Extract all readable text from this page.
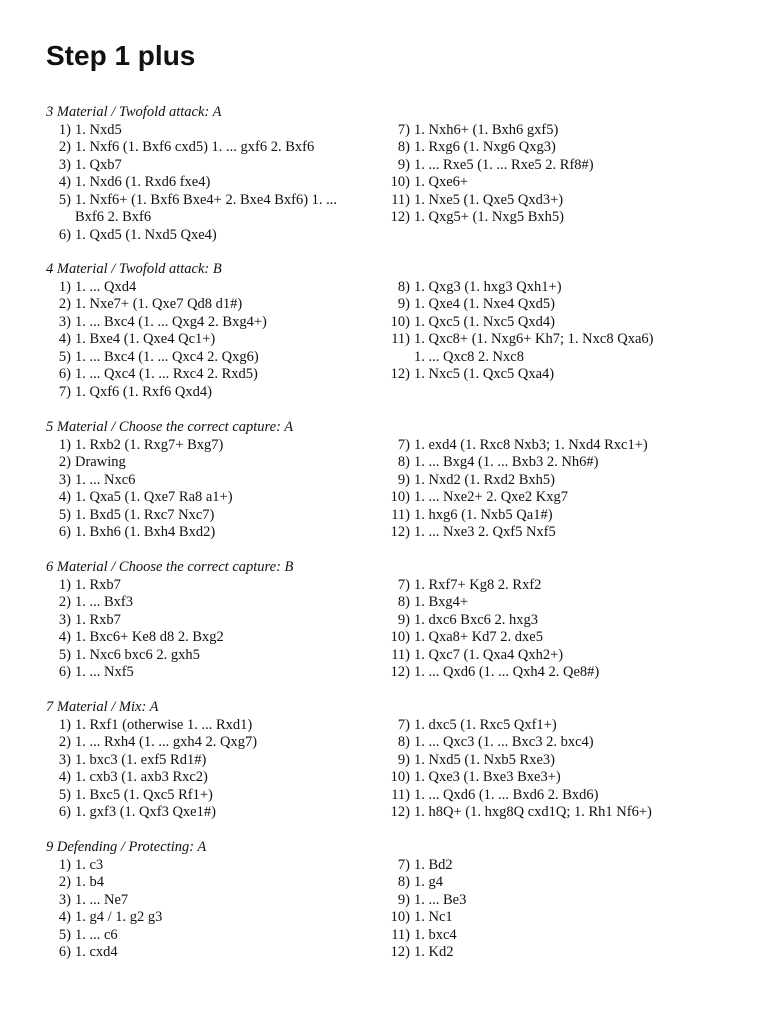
Step 1 plus
3 Material / Twofold attack: A
1) 1. Nxd5
2) 1. Nxf6 (1. Bxf6 cxd5) 1. ... gxf6 2. Bxf6
3) 1. Qxb7
4) 1. Nxd6 (1. Rxd6 fxe4)
5) 1. Nxf6+ (1. Bxf6 Bxe4+ 2. Bxe4 Bxf6) 1. ... Bxf6 2. Bxf6
6) 1. Qxd5 (1. Nxd5 Qxe4)
7) 1. Nxh6+ (1. Bxh6 gxf5)
8) 1. Rxg6 (1. Nxg6 Qxg3)
9) 1. ... Rxe5 (1. ... Rxe5 2. Rf8#)
10) 1. Qxe6+
11) 1. Nxe5 (1. Qxe5 Qxd3+)
12) 1. Qxg5+ (1. Nxg5 Bxh5)
4 Material / Twofold attack: B
1) 1. ... Qxd4
2) 1. Nxe7+ (1. Qxe7 Qd8 d1#)
3) 1. ... Bxc4 (1. ... Qxg4 2. Bxg4+)
4) 1. Bxe4 (1. Qxe4 Qc1+)
5) 1. ... Bxc4 (1. ... Qxc4 2. Qxg6)
6) 1. ... Qxc4 (1. ... Rxc4 2. Rxd5)
7) 1. Qxf6 (1. Rxf6 Qxd4)
8) 1. Qxg3 (1. hxg3 Qxh1+)
9) 1. Qxe4 (1. Nxe4 Qxd5)
10) 1. Qxc5 (1. Nxc5 Qxd4)
11) 1. Qxc8+ (1. Nxg6+ Kh7; 1. Nxc8 Qxa6) 1. ... Qxc8 2. Nxc8
12) 1. Nxc5 (1. Qxc5 Qxa4)
5 Material / Choose the correct capture: A
1) 1. Rxb2 (1. Rxg7+ Bxg7)
2) Drawing
3) 1. ... Nxc6
4) 1. Qxa5 (1. Qxe7 Ra8 a1+)
5) 1. Bxd5 (1. Rxc7 Nxc7)
6) 1. Bxh6 (1. Bxh4 Bxd2)
7) 1. exd4 (1. Rxc8 Nxb3; 1. Nxd4 Rxc1+)
8) 1. ... Bxg4 (1. ... Bxb3 2. Nh6#)
9) 1. Nxd2 (1. Rxd2 Bxh5)
10) 1. ... Nxe2+ 2. Qxe2 Kxg7
11) 1. hxg6 (1. Nxb5 Qa1#)
12) 1. ... Nxe3 2. Qxf5 Nxf5
6 Material / Choose the correct capture: B
1) 1. Rxb7
2) 1. ... Bxf3
3) 1. Rxb7
4) 1. Bxc6+ Ke8 d8 2. Bxg2
5) 1. Nxc6 bxc6 2. gxh5
6) 1. ... Nxf5
7) 1. Rxf7+ Kg8 2. Rxf2
8) 1. Bxg4+
9) 1. dxc6 Bxc6 2. hxg3
10) 1. Qxa8+ Kd7 2. dxe5
11) 1. Qxc7 (1. Qxa4 Qxh2+)
12) 1. ... Qxd6 (1. ... Qxh4 2. Qe8#)
7 Material / Mix: A
1) 1. Rxf1 (otherwise 1. ... Rxd1)
2) 1. ... Rxh4 (1. ... gxh4 2. Qxg7)
3) 1. bxc3 (1. exf5 Rd1#)
4) 1. cxb3 (1. axb3 Rxc2)
5) 1. Bxc5 (1. Qxc5 Rf1+)
6) 1. gxf3 (1. Qxf3 Qxe1#)
7) 1. dxc5 (1. Rxc5 Qxf1+)
8) 1. ... Qxc3 (1. ... Bxc3 2. bxc4)
9) 1. Nxd5 (1. Nxb5 Rxe3)
10) 1. Qxe3 (1. Bxe3 Bxe3+)
11) 1. ... Qxd6 (1. ... Bxd6 2. Bxd6)
12) 1. h8Q+ (1. hxg8Q cxd1Q; 1. Rh1 Nf6+)
9 Defending / Protecting: A
1) 1. c3
2) 1. b4
3) 1. ... Ne7
4) 1. g4 / 1. g2 g3
5) 1. ... c6
6) 1. cxd4
7) 1. Bd2
8) 1. g4
9) 1. ... Be3
10) 1. Nc1
11) 1. bxc4
12) 1. Kd2
